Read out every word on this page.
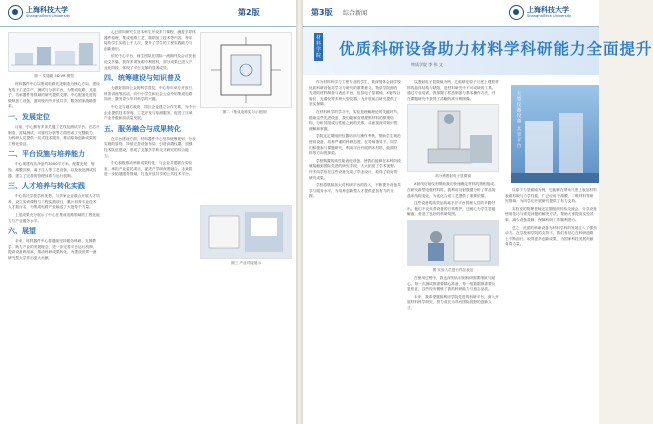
上海科技大学
ShanghaiTech University	第2版
图一 实施硬 3D-VR 模型

材料器件中心以集成电路先进制造为核心方向，建设有电子工艺生产、测试与分析平台，为集成电路、光电子、功率器件等领域的研究提供支撑。中心配备先进的微纳加工设备，面向校内外开放共享，服务国家战略需求。

一、发展定位

目前，中心拥有多条关键工艺线及测试平台，在芯片制造、封装测试、可靠性分析等方面形成了完整能力，为科研人员提供一站式技术服务，推动原始创新成果的工程化验证。

二、平台设施与培养能力

中心现建有洁净室约3000平方米，配置光刻、刻蚀、薄膜沉积、离子注入等工艺设备，以及表征测试仪器，建立了完善的管理体系与运行机制。

三、人才培养与转化实践

中心依托学校学科优势，与多家企业联合开展人才培养，设立实训课程与工程实践项目，累计培养专业技术人才数百名，为集成电路产业输送了大批骨干力量。

上述成果充分展示了中心在集成电路领域的工程化能力与产业服务水平。

六、展望

未来，材料器件中心将继续坚持服务科研、支撑教学、助力产业的发展理念，进一步完善平台运行机制，提高设备利用率，推动科研成果转化，为建设世界一流研究型大学作出更大贡献。

心已面向研究生及本科生开设多门课程，涵盖半导体器件原理、集成电路工艺、微纳加工技术等内容，每年接待学生实践上千人次，提升了学生的工程实践能力与创新意识。

依托中心平台，师生团队在国际一流期刊及会议发表论文多篇，获得多项发明专利授权，部分成果已进入产业化阶段，体现了平台支撑的显著成效。

四、统筹建设与知识普及

为做好面向公众的科学普及，中心每年举办开放日、科普讲座等活动，向中小学生和社会公众介绍集成电路知识，激发青少年对科学的兴趣。

中心还与地方政府、园区企业建立合作关系，为中小企业提供技术咨询、工艺开发与检测服务，促进了区域产业升级和高质量发展。

五、服务融合与成果转化

在平台建设方面，材料器件中心坚持统筹规划、分步实施的原则，持续完善设备布局，引进高端仪器，加强技术队伍建设，形成了支撑多学科交叉研究的综合能力。

中心积极推动科研成果转化，与企业共建联合实验室，承担产业委托项目，促进产学研深度融合。未来将进一步拓展服务领域，打造开放共享的公共技术平台。

图二（集成电路实习示意图）
图三 产业对接展示
第3版 综合新闻	上海科技大学
ShanghaiTech University
材料学院 优质科研设备助力材料学科研能力全面提升
物质学院 李 伟 文

作为材料科学与工程专业的学生，我深刻体会到学校优质科研设备对学习与研究的重要意义。物质学院拥有先进的材料制备与表征平台，包括电子显微镜、X射线衍射仪、光谱仪等多种大型仪器，为开展前沿研究提供了坚实保障。

在材料科学的学习中，实验是理解理论的关键环节。借助这些先进设备，我们能够直观观察材料的微观结构，分析其组成与性能之间的关系，从而加深对知识的理解和掌握。

学院还定期组织仪器培训与操作考核，帮助学生规范使用设备，培养严谨的科研态度。在导师指导下，同学们积极参与课题研究，利用平台开展纳米材料、能源材料等方向的探索。

学校购置的高性能表征设备，使我们能够在本科阶段就接触到国际先进的研究手段，大大拓宽了学术视野。许多同学依托这些设备完成了毕业设计，取得了较好的研究成果。

学校将继续加大对科研平台的投入，不断提升设备共享与服务水平，为培养创新型人才提供更加有力的支撑。

以透射电子显微镜为例，它能够在原子尺度上观察材料的晶体结构与缺陷，是材料研究中不可或缺的工具。通过专业培训，我掌握了样品制备与基本操作方法，并在课题研究中获得了清晰的高分辨图像。

高分辨透射电子显微镜

X射线衍射仪则帮助我们快速确定材料的物相组成。在研究新型电极材料时，我利用衍射数据分析了样品的晶体结构变化，为优化合成工艺提供了重要依据。

这些设备的高效运转离不开平台管理人员的辛勤付出。他们不仅负责设备的日常维护，还耐心为学生答疑解惑，营造了良好的科研氛围。

图 实验人员进行样品表征

在使用过程中，我也深刻认识到科研需要细致与耐心。每一次测试都需要精心准备，每一组数据都需要反复验证，这些经历锻炼了我的科研能力与意志品质。

未来，我希望继续利用学院先进的科研平台，深入开展材料科学研究，努力成长为具有国际视野的创新人才。

大型仪器设备 共享平台

以原子力显微镜为例，它能够在纳米尺度上表征材料表面形貌与力学性能，广泛应用于薄膜、二维材料等研究领域，为同学们开展研究提供了有力支持。

实验室的管理老师还定期组织经验交流会，分享设备使用技巧与常见问题的解决方法，帮助大家提高实验效率，减少设备故障，保障科研工作顺利进行。

总之，优质的科研设备为材料学科的发展注入了强劲动力。在学校和学院的支持下，我们有信心在科研道路上不断前行，取得更多创新成果，为国家科技发展贡献青春力量。
